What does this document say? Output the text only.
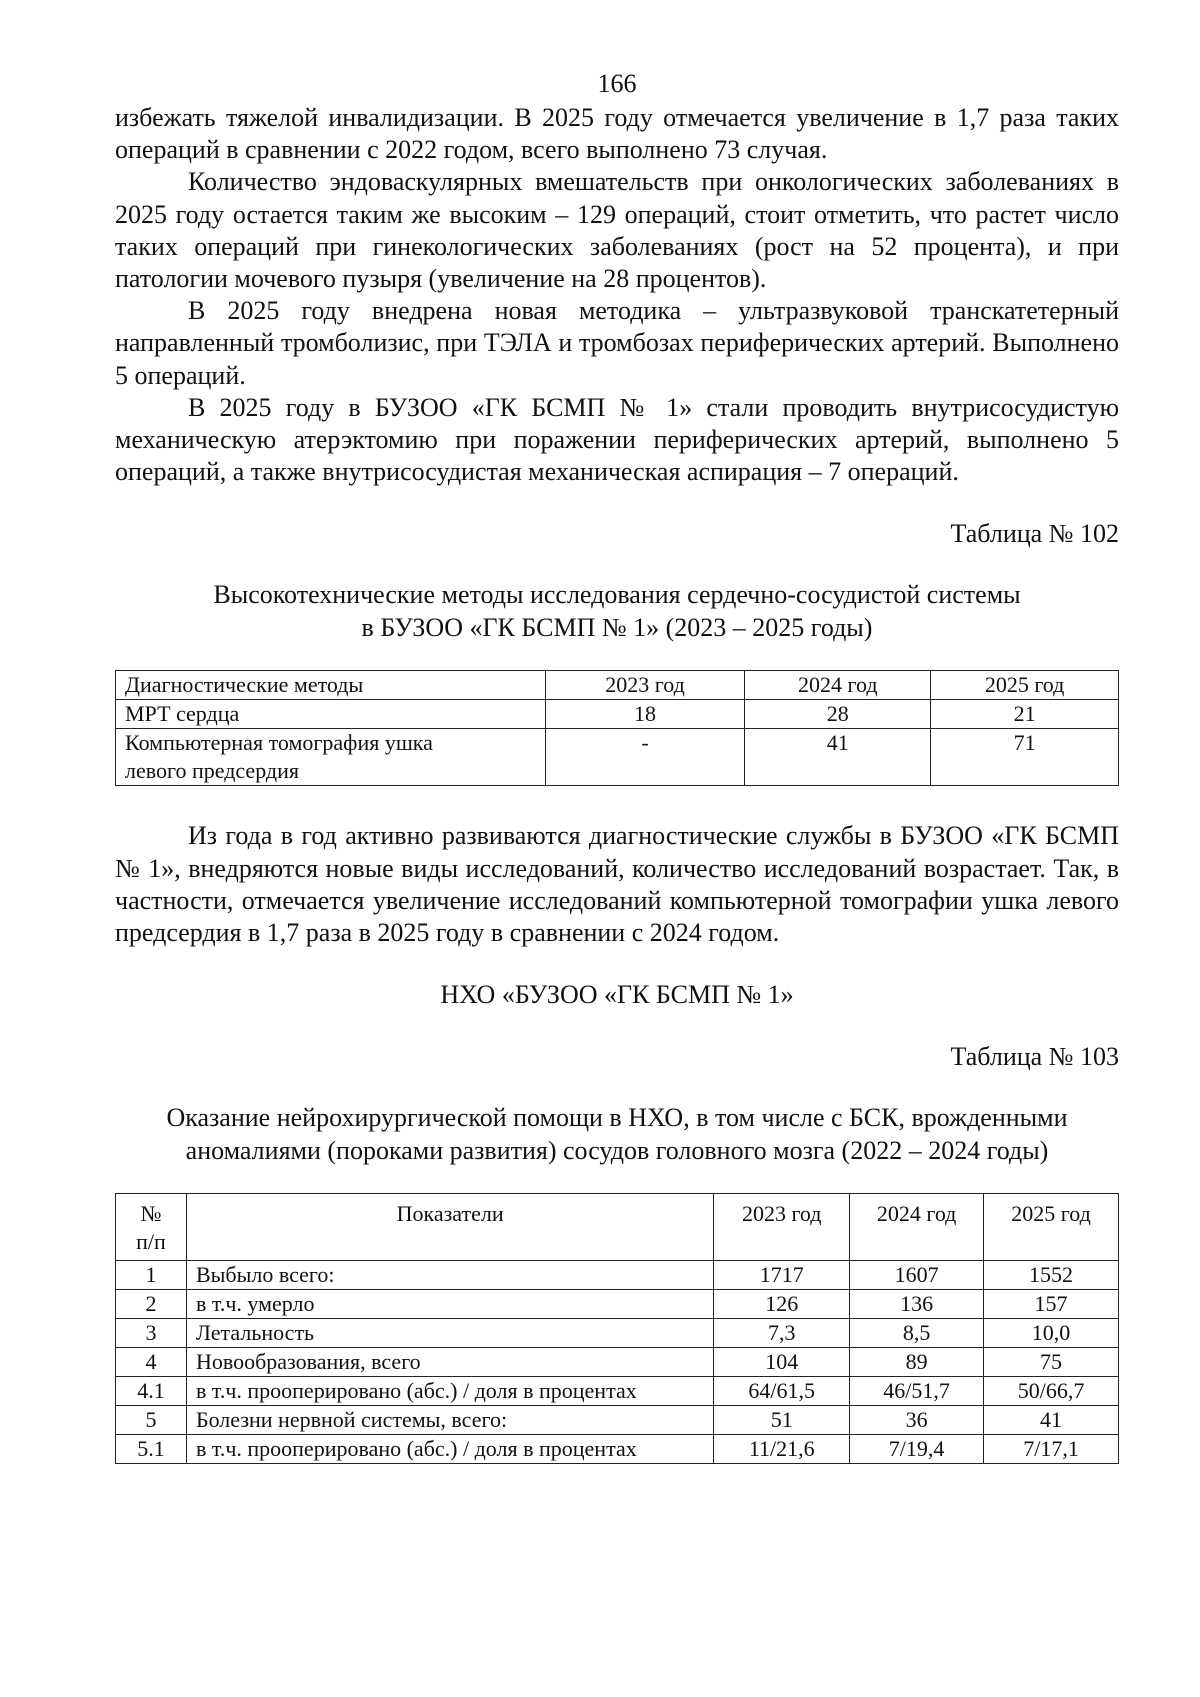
166

избежать тяжелой инвалидизации. В 2025 году отмечается увеличение в 1,7 раза таких операций в сравнении с 2022 годом, всего выполнено 73 случая.

Количество эндоваскулярных вмешательств при онкологических заболеваниях в 2025 году остается таким же высоким – 129 операций, стоит отметить, что растет число таких операций при гинекологических заболеваниях (рост на 52 процента), и при патологии мочевого пузыря (увеличение на 28 процентов).

В 2025 году внедрена новая методика – ультразвуковой транскатетерный направленный тромболизис, при ТЭЛА и тромбозах периферических артерий. Выполнено 5 операций.

В 2025 году в БУЗОО «ГК БСМП № 1» стали проводить внутрисосудистую механическую атерэктомию при поражении периферических артерий, выполнено 5 операций, а также внутрисосудистая механическая аспирация – 7 операций.

Таблица № 102
Высокотехнические методы исследования сердечно-сосудистой системы
в БУЗОО «ГК БСМП № 1» (2023 – 2025 годы)
Диагностические методы	2023 год	2024 год	2025 год
МРТ сердца	18	28	21
Компьютерная томография ушка левого предсердия	-	41	71

Из года в год активно развиваются диагностические службы в БУЗОО «ГК БСМП № 1», внедряются новые виды исследований, количество исследований возрастает. Так, в частности, отмечается увеличение исследований компьютерной томографии ушка левого предсердия в 1,7 раза в 2025 году в сравнении с 2024 годом.

НХО «БУЗОО «ГК БСМП № 1»
Таблица № 103
Оказание нейрохирургической помощи в НХО, в том числе с БСК, врожденными
аномалиями (пороками развития) сосудов головного мозга (2022 – 2024 годы)
№ п/п	Показатели	2023 год	2024 год	2025 год
1	Выбыло всего:	1717	1607	1552
2	в т.ч. умерло	126	136	157
3	Летальность	7,3	8,5	10,0
4	Новообразования, всего	104	89	75
4.1	в т.ч. прооперировано (абс.) / доля в процентах	64/61,5	46/51,7	50/66,7
5	Болезни нервной системы, всего:	51	36	41
5.1	в т.ч. прооперировано (абс.) / доля в процентах	11/21,6	7/19,4	7/17,1
